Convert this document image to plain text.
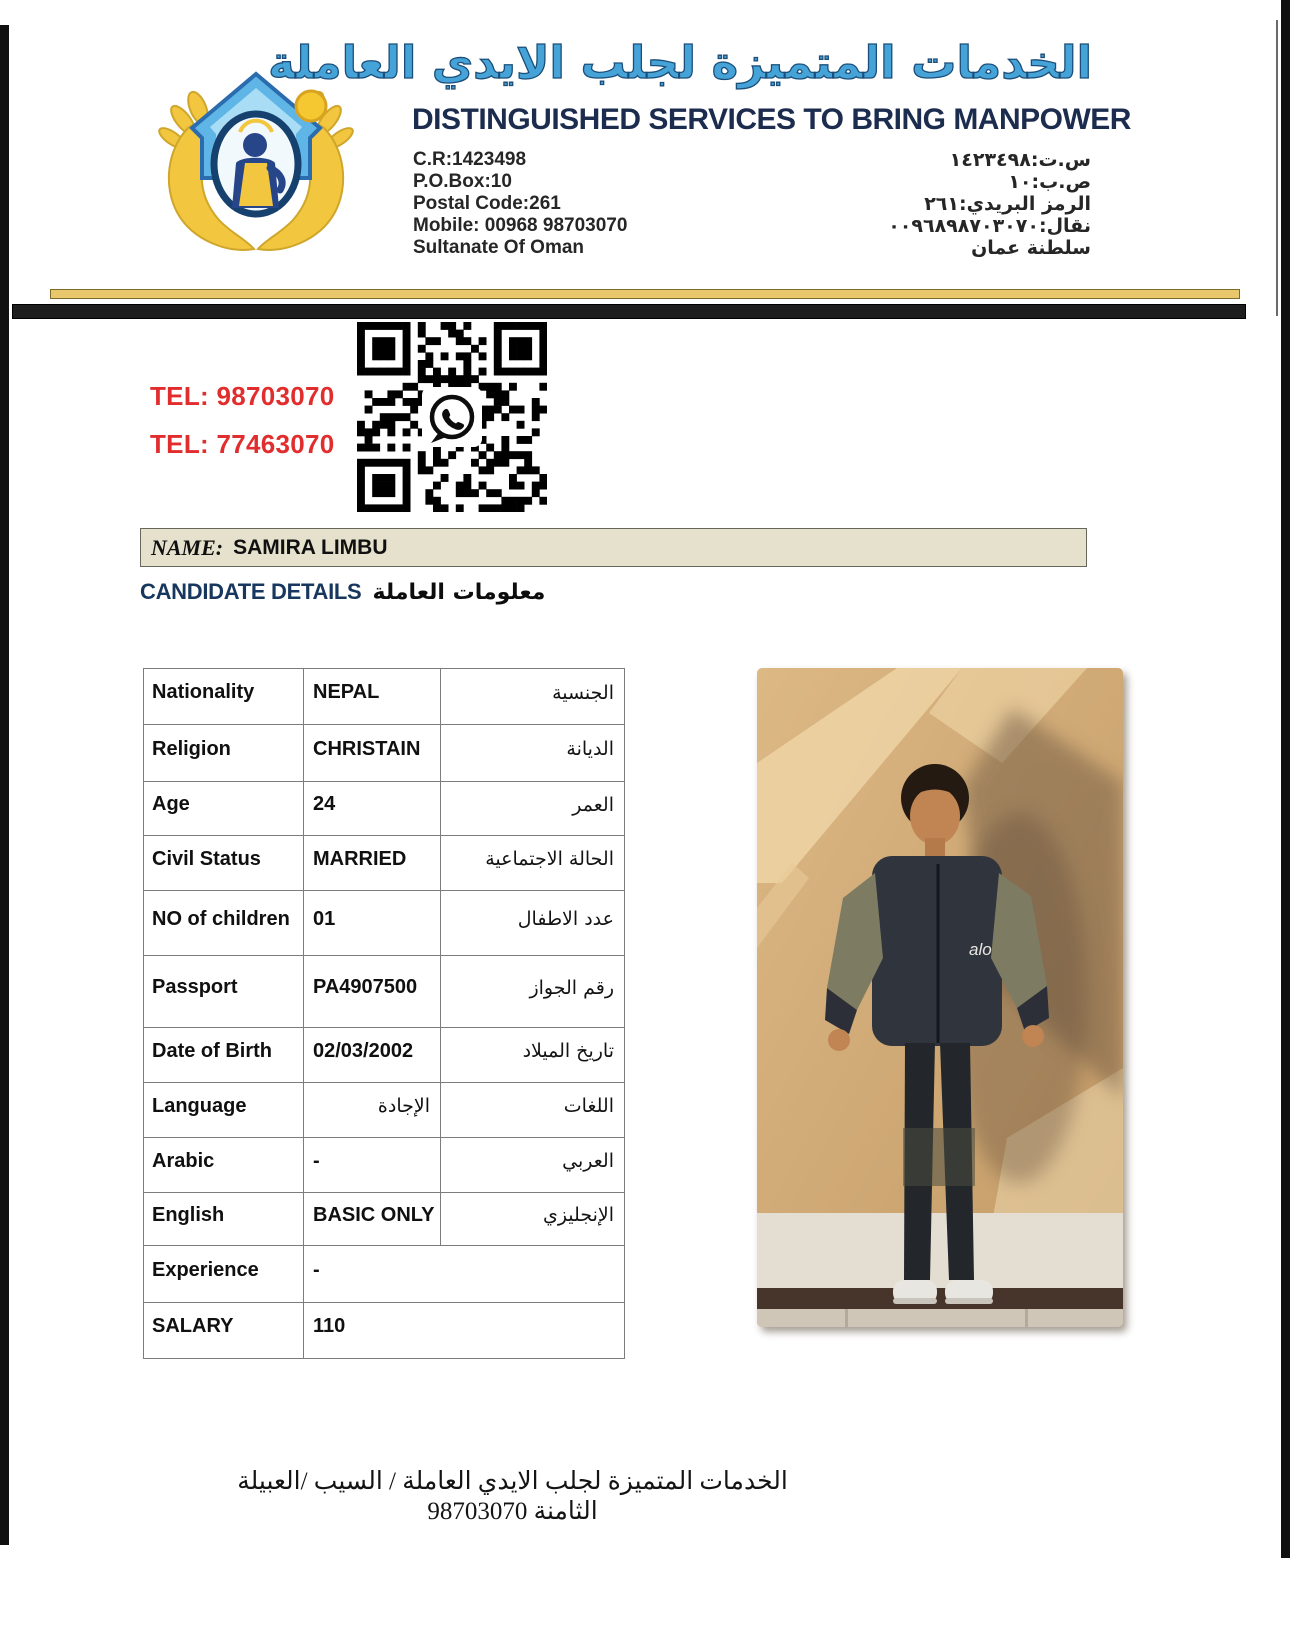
الخدمات المتميزة لجلب الايدي العاملة
DISTINGUISHED SERVICES TO BRING MANPOWER
C.R:1423498
P.O.Box:10
Postal Code:261
Mobile: 00968 98703070
Sultanate Of Oman
س.ت:١٤٢٣٤٩٨
ص.ب:١٠
الرمز البريدي:٢٦١
نقال:٠٠٩٦٨٩٨٧٠٣٠٧٠
سلطنة عمان
TEL: 98703070
TEL: 77463070
NAME: SAMIRA LIMBU
CANDIDATE DETAILS معلومات العاملة
Nationality	NEPAL	الجنسية
Religion	CHRISTAIN	الديانة
Age	24	العمر
Civil Status	MARRIED	الحالة الاجتماعية
NO of children	01	عدد الاطفال
Passport	PA4907500	رقم الجواز
Date of Birth	02/03/2002	تاريخ الميلاد
Language	الإجادة	اللغات
Arabic	-	العربي
English	BASIC ONLY	الإنجليزي
Experience	-	
SALARY	110	
alo
الخدمات المتميزة لجلب الايدي العاملة / السيب /العبيلة الثامنة 98703070
